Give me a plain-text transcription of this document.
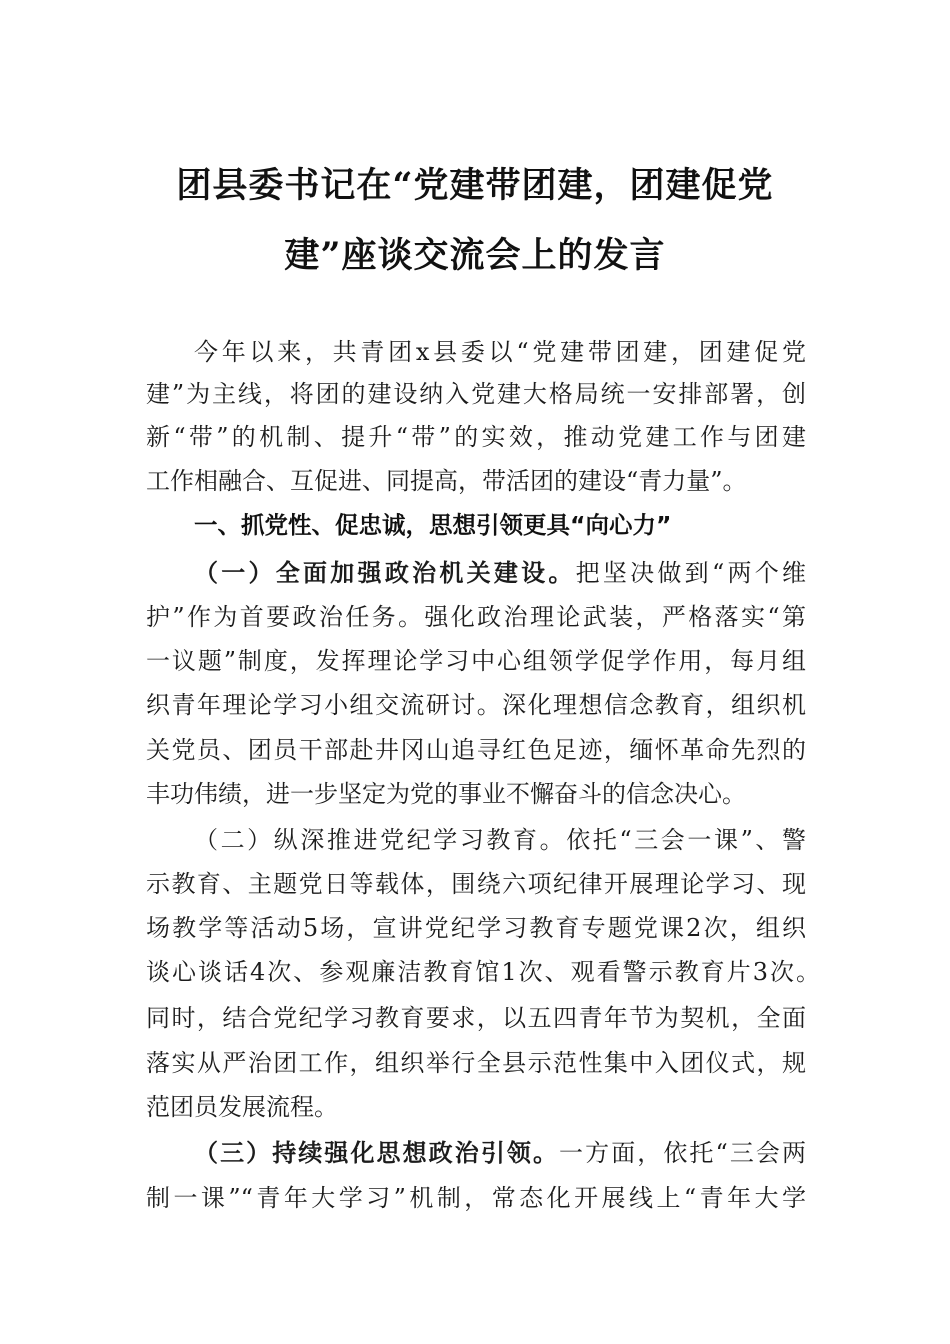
团县委书记在“党建带团建，团建促党
建”座谈交流会上的发言
今年以来，共青团x县委以“党建带团建，团建促党
建”为主线，将团的建设纳入党建大格局统一安排部署，创
新“带”的机制、提升“带”的实效，推动党建工作与团建
工作相融合、互促进、同提高，带活团的建设“青力量”。
一、抓党性、促忠诚，思想引领更具“向心力”
（一）全面加强政治机关建设。把坚决做到“两个维
护”作为首要政治任务。强化政治理论武装，严格落实“第
一议题”制度，发挥理论学习中心组领学促学作用，每月组
织青年理论学习小组交流研讨。深化理想信念教育，组织机
关党员、团员干部赴井冈山追寻红色足迹，缅怀革命先烈的
丰功伟绩，进一步坚定为党的事业不懈奋斗的信念决心。
（二）纵深推进党纪学习教育。依托“三会一课”、警
示教育、主题党日等载体，围绕六项纪律开展理论学习、现
场教学等活动5场，宣讲党纪学习教育专题党课2次，组织
谈心谈话4次、参观廉洁教育馆1次、观看警示教育片3次。
同时，结合党纪学习教育要求，以五四青年节为契机，全面
落实从严治团工作，组织举行全县示范性集中入团仪式，规
范团员发展流程。
（三）持续强化思想政治引领。一方面，依托“三会两
制一课”“青年大学习”机制，常态化开展线上“青年大学
